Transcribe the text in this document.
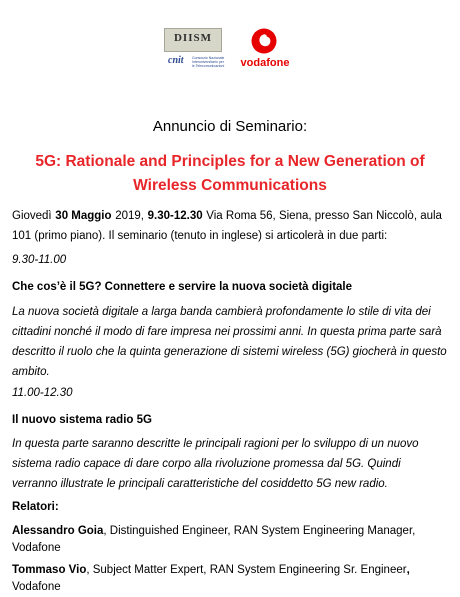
DIISM
cnit Consorzio Nazionale Interuniversitario per le Telecomunicazioni	vodafone
Annuncio di Seminario:
5G: Rationale and Principles for a New Generation of
Wireless Communications
Giovedì 30 Maggio 2019, 9.30-12.30 Via Roma 56, Siena, presso San Niccolò, aula
101 (primo piano). Il seminario (tenuto in inglese) si articolerà in due parti:
9.30-11.00
Che cos’è il 5G? Connettere e servire la nuova società digitale
La nuova società digitale a larga banda cambierà profondamente lo stile di vita dei
cittadini nonché il modo di fare impresa nei prossimi anni. In questa prima parte sarà
descritto il ruolo che la quinta generazione di sistemi wireless (5G) giocherà in questo
ambito.
11.00-12.30
Il nuovo sistema radio 5G
In questa parte saranno descritte le principali ragioni per lo sviluppo di un nuovo
sistema radio capace di dare corpo alla rivoluzione promessa dal 5G. Quindi
verranno illustrate le principali caratteristiche del cosiddetto 5G new radio.
Relatori:
Alessandro Goia, Distinguished Engineer, RAN System Engineering Manager,
Vodafone
Tommaso Vio, Subject Matter Expert, RAN System Engineering Sr. Engineer,
Vodafone
